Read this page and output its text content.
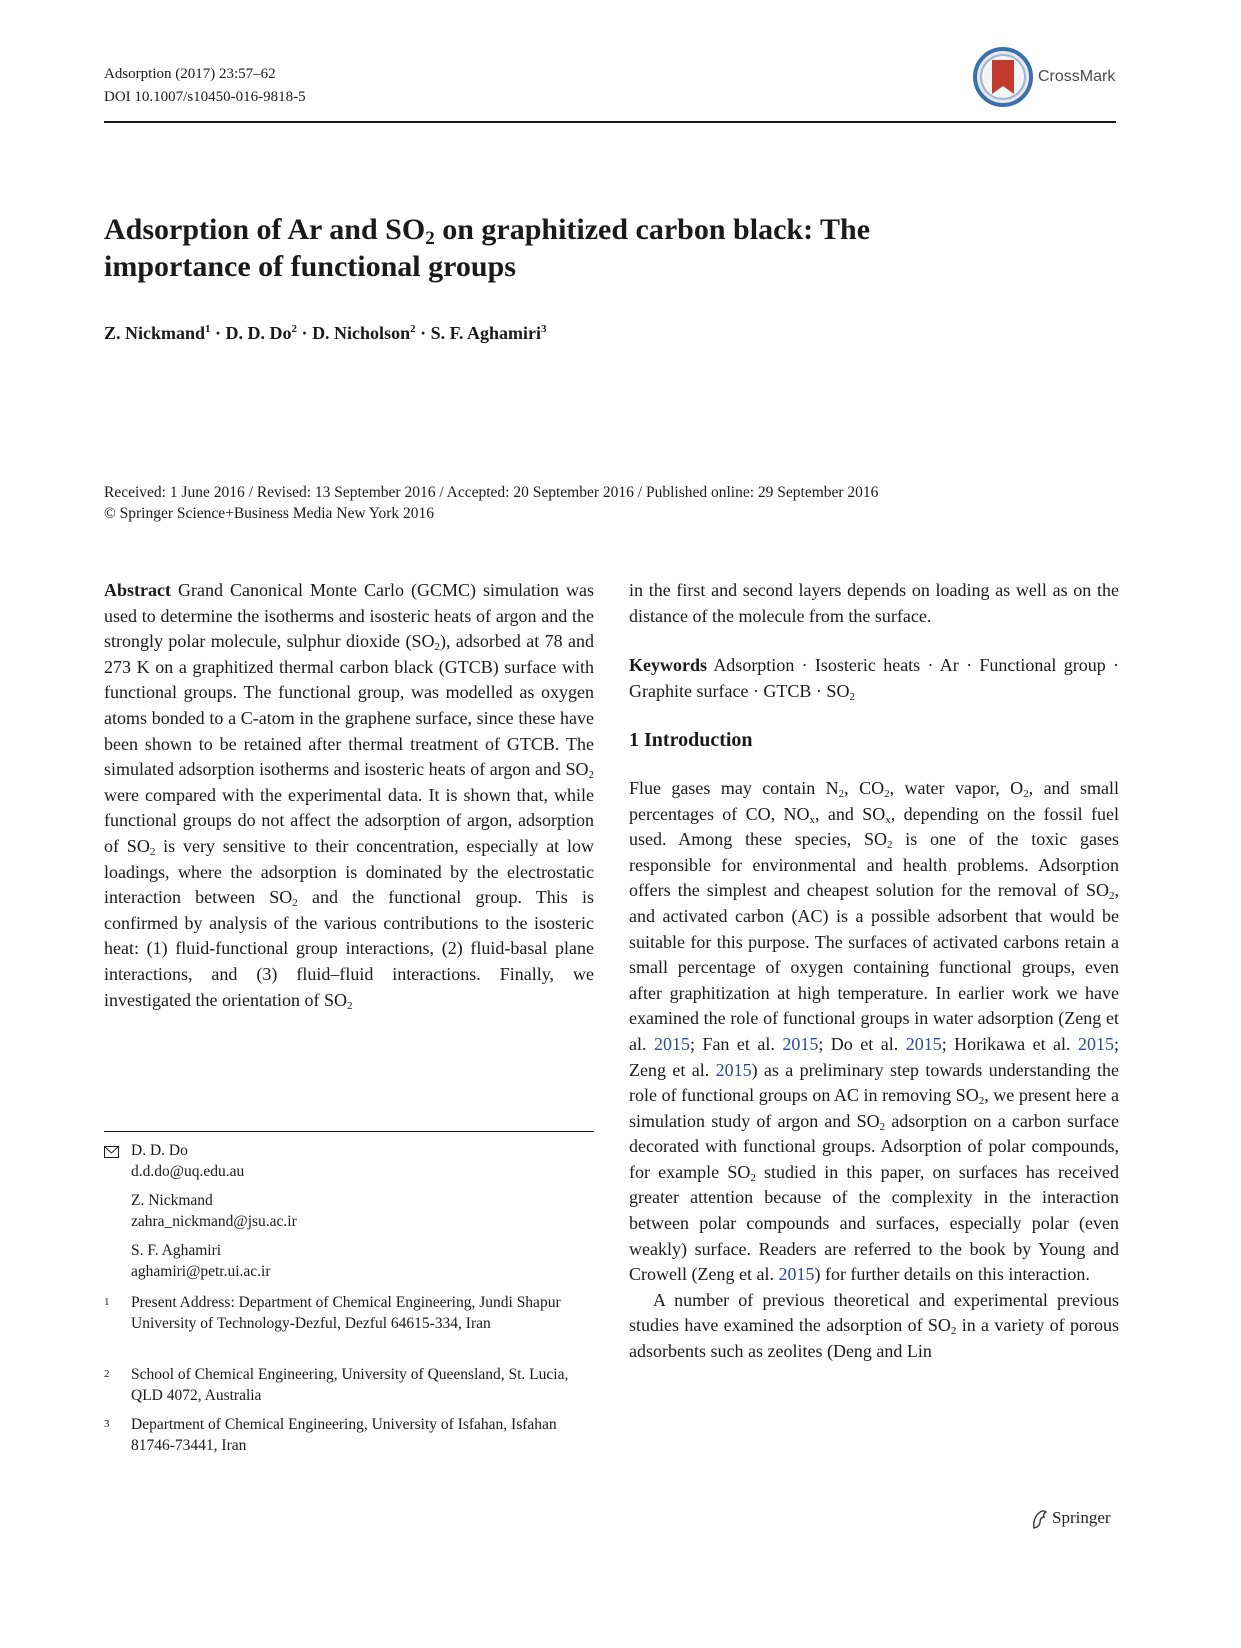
Adsorption (2017) 23:57–62
DOI 10.1007/s10450-016-9818-5
CrossMark
Adsorption of Ar and $SO_2$ on graphitized carbon black: The
importance of functional groups
Z. Nickmand$^1$ · D. D. $Do^2 \cdot D$. Nicholson$^2$ · S. F. Aghamiri$^3$
Received: 1 June 2016 / Revised: 13 September 2016 / Accepted: 20 September 2016 / Published online: 29 September 2016
© Springer Science+Business Media New York 2016

Abstract Grand Canonical Monte Carlo (GCMC) simulation was used to determine the isotherms and isosteric heats of argon and the strongly polar molecule, sulphur dioxide $(SO_2)$, adsorbed at 78 and 273 K on a graphitized thermal carbon black (GTCB) surface with functional groups. The functional group, was modelled as oxygen atoms bonded to a C-atom in the graphene surface, since these have been shown to be retained after thermal treatment of GTCB. The simulated adsorption isotherms and isosteric heats of argon and $SO_2$ were compared with the experimental data. It is shown that, while functional groups do not affect the adsorption of argon, adsorption of $SO_2$ is very sensitive to their concentration, especially at low loadings, where the adsorption is dominated by the electrostatic interaction between $SO_2$ and the functional group. This is confirmed by analysis of the various contributions to the isosteric heat: (1) fluid-functional group interactions, (2) fluid-basal plane interactions, and (3) fluid–fluid interactions. Finally, we investigated the orientation of $SO_2$

in the first and second layers depends on loading as well as on the distance of the molecule from the surface.

Keywords Adsorption · Isosteric heats · Ar · Functional group · Graphite surface · GTCB · $SO_2$

1 Introduction

Flue gases may contain $N_2$, $CO_2$, water vapor, $O_2$, and small percentages of CO, $NO_x$, and $SO_x$, depending on the fossil fuel used. Among these species, $SO_2$ is one of the toxic gases responsible for environmental and health problems. Adsorption offers the simplest and cheapest solution for the removal of $SO_2$, and activated carbon (AC) is a possible adsorbent that would be suitable for this purpose. The surfaces of activated carbons retain a small percentage of oxygen containing functional groups, even after graphitization at high temperature. In earlier work we have examined the role of functional groups in water adsorption (Zeng et al. 2015; Fan et al. 2015; Do et al. 2015; Horikawa et al. 2015; Zeng et al. 2015) as a preliminary step towards understanding the role of functional groups on AC in removing $SO_2$, we present here a simulation study of argon and $SO_2$ adsorption on a carbon surface decorated with functional groups. Adsorption of polar compounds, for example $SO_2$ studied in this paper, on surfaces has received greater attention because of the complexity in the interaction between polar compounds and surfaces, especially polar (even weakly) surface. Readers are referred to the book by Young and Crowell (Zeng et al. 2015) for further details on this interaction.

A number of previous theoretical and experimental previous studies have examined the adsorption of $SO_2$ in a variety of porous adsorbents such as zeolites (Deng and Lin

D. D. Do
d.d.do@uq.edu.au
Z. Nickmand
zahra_nickmand@jsu.ac.ir
S. F. Aghamiri
aghamiri@petr.ui.ac.ir
1 Present Address: Department of Chemical Engineering, Jundi Shapur University of Technology-Dezful, Dezful 64615-334, Iran
2 School of Chemical Engineering, University of Queensland, St. Lucia, QLD 4072, Australia
3 Department of Chemical Engineering, University of Isfahan, Isfahan 81746-73441, Iran
Springer
